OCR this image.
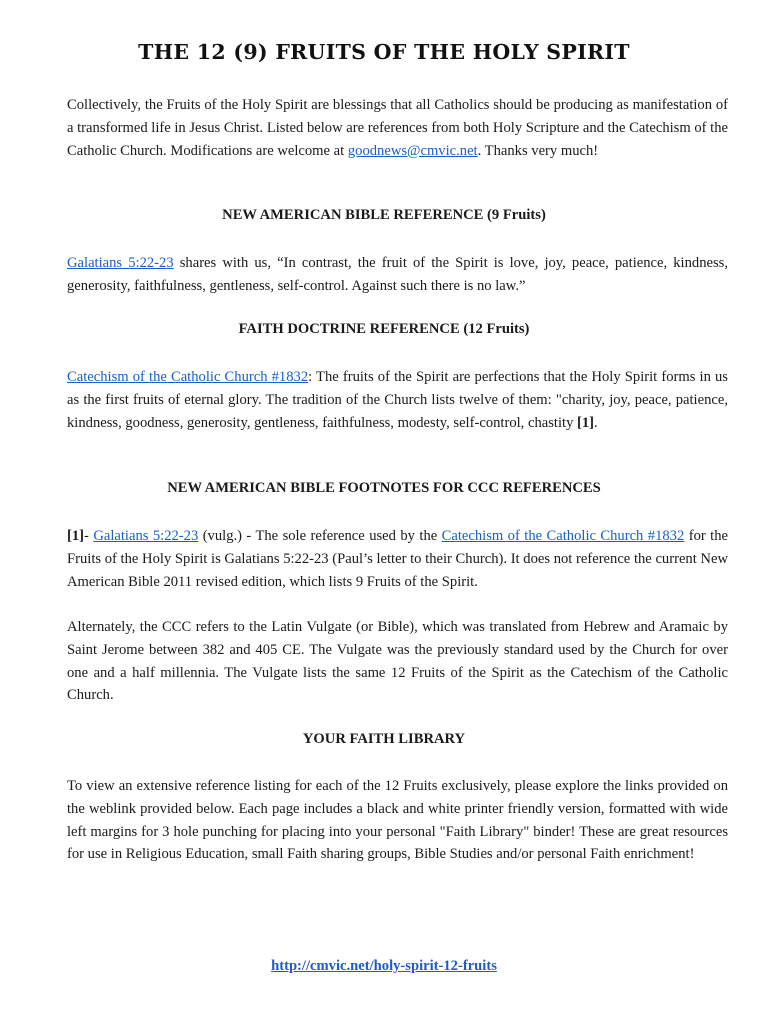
THE 12 (9) FRUITS OF THE HOLY SPIRIT

Collectively, the Fruits of the Holy Spirit are blessings that all Catholics should be producing as manifestation of a transformed life in Jesus Christ. Listed below are references from both Holy Scripture and the Catechism of the Catholic Church. Modifications are welcome at goodnews@cmvic.net. Thanks very much!

NEW AMERICAN BIBLE REFERENCE (9 Fruits)

Galatians 5:22-23 shares with us, “In contrast, the fruit of the Spirit is love, joy, peace, patience, kindness, generosity, faithfulness, gentleness, self-control. Against such there is no law.”

FAITH DOCTRINE REFERENCE (12 Fruits)

Catechism of the Catholic Church #1832: The fruits of the Spirit are perfections that the Holy Spirit forms in us as the first fruits of eternal glory. The tradition of the Church lists twelve of them: "charity, joy, peace, patience, kindness, goodness, generosity, gentleness, faithfulness, modesty, self-control, chastity [1].

NEW AMERICAN BIBLE FOOTNOTES FOR CCC REFERENCES

[1]- Galatians 5:22-23 (vulg.) - The sole reference used by the Catechism of the Catholic Church #1832 for the Fruits of the Holy Spirit is Galatians 5:22-23 (Paul’s letter to their Church). It does not reference the current New American Bible 2011 revised edition, which lists 9 Fruits of the Spirit.

Alternately, the CCC refers to the Latin Vulgate (or Bible), which was translated from Hebrew and Aramaic by Saint Jerome between 382 and 405 CE. The Vulgate was the previously standard used by the Church for over one and a half millennia. The Vulgate lists the same 12 Fruits of the Spirit as the Catechism of the Catholic Church.

YOUR FAITH LIBRARY

To view an extensive reference listing for each of the 12 Fruits exclusively, please explore the links provided on the weblink provided below. Each page includes a black and white printer friendly version, formatted with wide left margins for 3 hole punching for placing into your personal "Faith Library" binder! These are great resources for use in Religious Education, small Faith sharing groups, Bible Studies and/or personal Faith enrichment!

http://cmvic.net/holy-spirit-12-fruits
